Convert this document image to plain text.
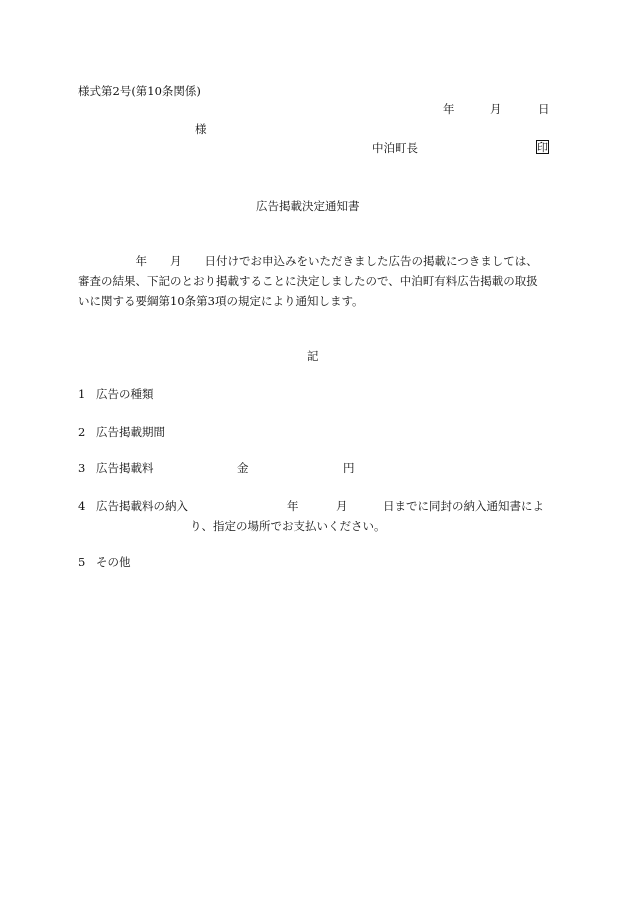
様式第2号(第10条関係)
年	月	日
様
中泊町長	印
広告掲載決定通知書
　　　　　年　　月　　日付けでお申込みをいただきました広告の掲載につきましては、
審査の結果、下記のとおり掲載することに決定しましたので、中泊町有料広告掲載の取扱
いに関する要綱第10条第3項の規定により通知します。
記
1 広告の種類
2 広告掲載期間
3 広告掲載料	金	円
4 広告掲載料の納入	年	月	日までに同封の納入通知書によ
り、指定の場所でお支払いください。
5 その他
